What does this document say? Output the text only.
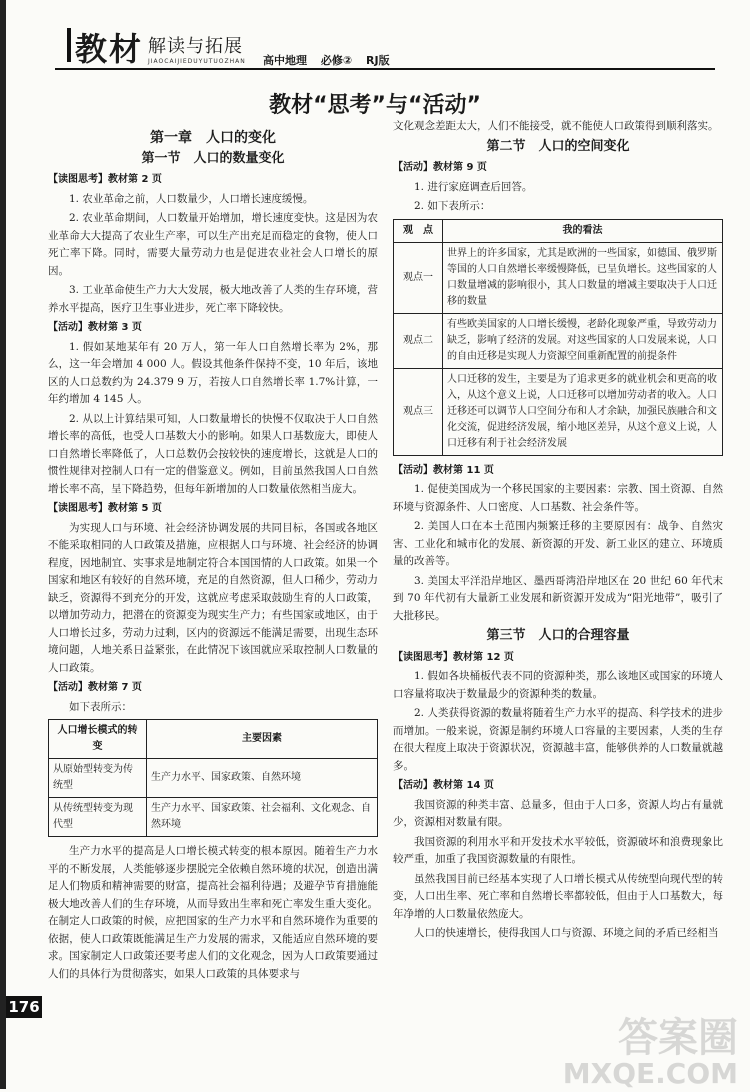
教材 解读与拓展
JIAOCAIJIEDUYUTUOZHAN 高中地理 必修② RJ版
教材“思考”与“活动”
第一章　人口的变化
第一节　人口的数量变化
【读图思考】教材第 2 页

1. 农业革命之前，人口数量少，人口增长速度缓慢。

2. 农业革命期间，人口数量开始增加，增长速度变快。这是因为农业革命大大提高了农业生产率，可以生产出充足而稳定的食物，使人口死亡率下降。同时，需要大量劳动力也是促进农业社会人口增长的原因。

3. 工业革命使生产力大大发展，极大地改善了人类的生存环境，营养水平提高，医疗卫生事业进步，死亡率下降较快。

【活动】教材第 3 页

1. 假如某地某年有 20 万人，第一年人口自然增长率为 2%，那么，这一年会增加 4 000 人。假设其他条件保持不变，10 年后，该地区的人口总数约为 24.379 9 万，若按人口自然增长率 1.7%计算，一年约增加 4 145 人。

2. 从以上计算结果可知，人口数量增长的快慢不仅取决于人口自然增长率的高低，也受人口基数大小的影响。如果人口基数庞大，即使人口自然增长率降低了，人口总数仍会按较快的速度增长，这就是人口的惯性规律对控制人口有一定的借鉴意义。例如，目前虽然我国人口自然增长率不高，呈下降趋势，但每年新增加的人口数量依然相当庞大。

【读图思考】教材第 5 页

为实现人口与环境、社会经济协调发展的共同目标，各国或各地区不能采取相同的人口政策及措施，应根据人口与环境、社会经济的协调程度，因地制宜、实事求是地制定符合本国国情的人口政策。如果一个国家和地区有较好的自然环境，充足的自然资源，但人口稀少，劳动力缺乏，资源得不到充分的开发，这就应考虑采取鼓励生育的人口政策，以增加劳动力，把潜在的资源变为现实生产力；有些国家或地区，由于人口增长过多，劳动力过剩，区内的资源远不能满足需要，出现生态环境问题，人地关系日益紧张，在此情况下该国就应采取控制人口数量的人口政策。

【活动】教材第 7 页

如下表所示：

人口增长模式的转变	主要因素
从原始型转变为传统型	生产力水平、国家政策、自然环境
从传统型转变为现代型	生产力水平、国家政策、社会福利、文化观念、自然环境

生产力水平的提高是人口增长模式转变的根本原因。随着生产力水平的不断发展，人类能够逐步摆脱完全依赖自然环境的状况，创造出满足人们物质和精神需要的财富，提高社会福利待遇；及避孕节育措施能极大地改善人们的生存环境，从而导致出生率和死亡率发生重大变化。在制定人口政策的时候，应把国家的生产力水平和自然环境作为重要的依据，使人口政策既能满足生产力发展的需求，又能适应自然环境的要求。国家制定人口政策还要考虑人们的文化观念，因为人口政策要通过人们的具体行为贯彻落实，如果人口政策的具体要求与

文化观念差距太大，人们不能接受，就不能使人口政策得到顺利落实。

第二节　人口的空间变化
【活动】教材第 9 页

1. 进行家庭调查后回答。

2. 如下表所示：

观　点	我的看法
观点一	世界上的许多国家，尤其是欧洲的一些国家，如德国、俄罗斯等国的人口自然增长率缓慢降低，已呈负增长。这些国家的人口数量增减的影响很小，其人口数量的增减主要取决于人口迁移的数量
观点二	有些欧美国家的人口增长缓慢，老龄化现象严重，导致劳动力缺乏，影响了经济的发展。对这些国家的人口发展来说，人口的自由迁移是实现人力资源空间重新配置的前提条件
观点三	人口迁移的发生，主要是为了追求更多的就业机会和更高的收入，从这个意义上说，人口迁移可以增加劳动者的收入。人口迁移还可以调节人口空间分布和人才余缺，加强民族融合和文化交流，促进经济发展，缩小地区差异，从这个意义上说，人口迁移有利于社会经济发展
【活动】教材第 11 页

1. 促使美国成为一个移民国家的主要因素：宗教、国土资源、自然环境与资源条件、人口密度、人口基数、社会条件等。

2. 美国人口在本土范围内频繁迁移的主要原因有：战争、自然灾害、工业化和城市化的发展、新资源的开发、新工业区的建立、环境质量的改善等。

3. 美国太平洋沿岸地区、墨西哥湾沿岸地区在 20 世纪 60 年代末到 70 年代初有大量新工业发展和新资源开发成为“阳光地带”，吸引了大批移民。

第三节　人口的合理容量
【读图思考】教材第 12 页

1. 假如各块桶板代表不同的资源种类，那么该地区或国家的环境人口容量将取决于数量最少的资源种类的数量。

2. 人类获得资源的数量将随着生产力水平的提高、科学技术的进步而增加。一般来说，资源是制约环境人口容量的主要因素，人类的生存在很大程度上取决于资源状况，资源越丰富，能够供养的人口数量就越多。

【活动】教材第 14 页

我国资源的种类丰富、总量多，但由于人口多，资源人均占有量就少，资源相对数量有限。

我国资源的利用水平和开发技术水平较低，资源破坏和浪费现象比较严重，加重了我国资源数量的有限性。

虽然我国目前已经基本实现了人口增长模式从传统型向现代型的转变，人口出生率、死亡率和自然增长率都较低，但由于人口基数大，每年净增的人口数量依然庞大。

人口的快速增长，使得我国人口与资源、环境之间的矛盾已经相当

176
答案圈
MXQE.COM
